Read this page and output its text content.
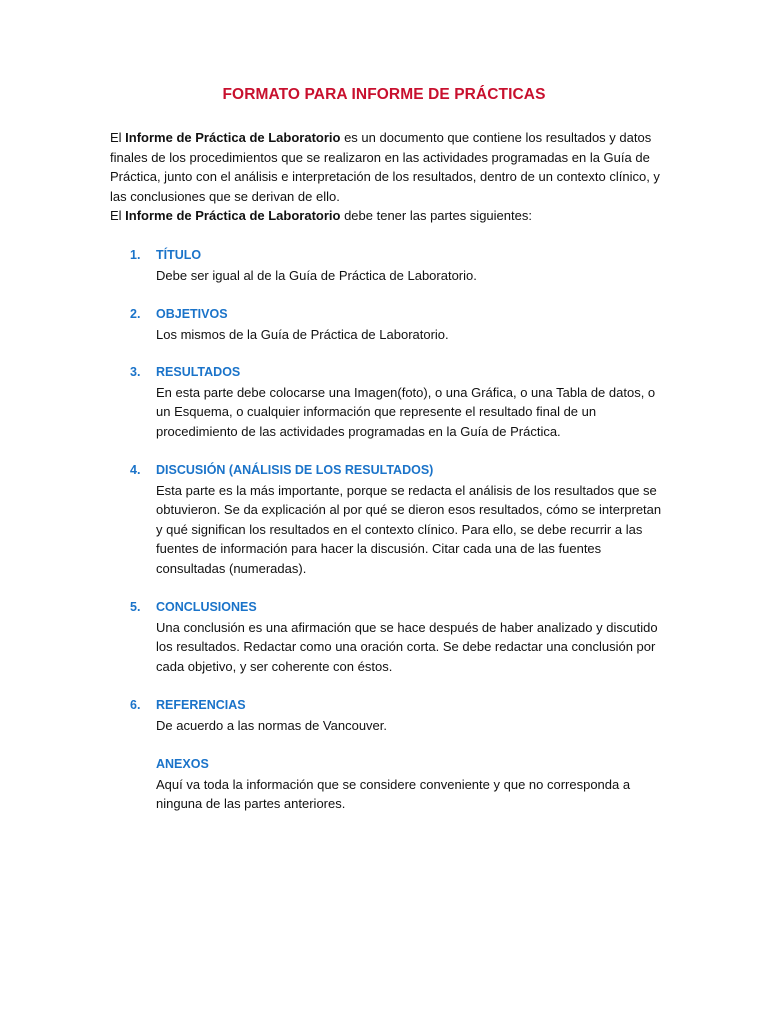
FORMATO PARA INFORME DE PRÁCTICAS

El Informe de Práctica de Laboratorio es un documento que contiene los resultados y datos finales de los procedimientos que se realizaron en las actividades programadas en la Guía de Práctica, junto con el análisis e interpretación de los resultados, dentro de un contexto clínico, y las conclusiones que se derivan de ello.

El Informe de Práctica de Laboratorio debe tener las partes siguientes:

1.	TÍTULO
Debe ser igual al de la Guía de Práctica de Laboratorio.
2.	OBJETIVOS
Los mismos de la Guía de Práctica de Laboratorio.
3.	RESULTADOS
En esta parte debe colocarse una Imagen(foto), o una Gráfica, o una Tabla de datos, o un Esquema, o cualquier información que represente el resultado final de un procedimiento de las actividades programadas en la Guía de Práctica.
4.	DISCUSIÓN (ANÁLISIS DE LOS RESULTADOS)
Esta parte es la más importante, porque se redacta el análisis de los resultados que se obtuvieron. Se da explicación al por qué se dieron esos resultados, cómo se interpretan y qué significan los resultados en el contexto clínico. Para ello, se debe recurrir a las fuentes de información para hacer la discusión. Citar cada una de las fuentes consultadas (numeradas).
5.	CONCLUSIONES
Una conclusión es una afirmación que se hace después de haber analizado y discutido los resultados. Redactar como una oración corta. Se debe redactar una conclusión por cada objetivo, y ser coherente con éstos.
6.	REFERENCIAS
De acuerdo a las normas de Vancouver.
ANEXOS
Aquí va toda la información que se considere conveniente y que no corresponda a ninguna de las partes anteriores.
